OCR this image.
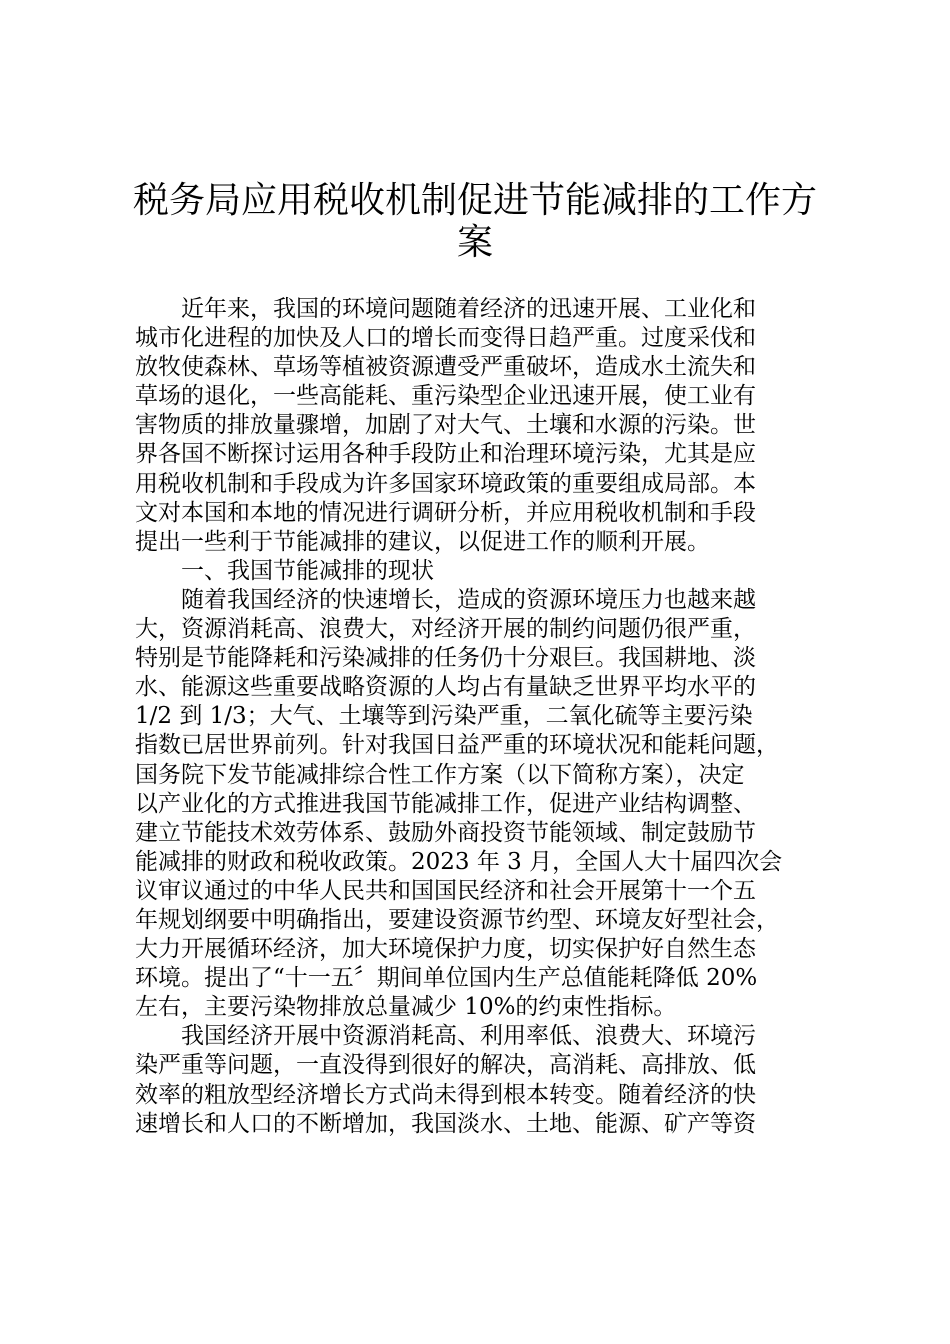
税务局应用税收机制促进节能减排的工作方
案
　　近年来，我国的环境问题随着经济的迅速开展、工业化和
城市化进程的加快及人口的增长而变得日趋严重。过度采伐和
放牧使森林、草场等植被资源遭受严重破坏，造成水土流失和
草场的退化，一些高能耗、重污染型企业迅速开展，使工业有
害物质的排放量骤增，加剧了对大气、土壤和水源的污染。世
界各国不断探讨运用各种手段防止和治理环境污染，尤其是应
用税收机制和手段成为许多国家环境政策的重要组成局部。本
文对本国和本地的情况进行调研分析，并应用税收机制和手段
提出一些利于节能减排的建议，以促进工作的顺利开展。
　　一、我国节能减排的现状
　　随着我国经济的快速增长，造成的资源环境压力也越来越
大，资源消耗高、浪费大，对经济开展的制约问题仍很严重，
特别是节能降耗和污染减排的任务仍十分艰巨。我国耕地、淡
水、能源这些重要战略资源的人均占有量缺乏世界平均水平的
1/2 到 1/3；大气、土壤等到污染严重，二氧化硫等主要污染
指数已居世界前列。针对我国日益严重的环境状况和能耗问题，
国务院下发节能减排综合性工作方案（以下简称方案），决定
以产业化的方式推进我国节能减排工作，促进产业结构调整、
建立节能技术效劳体系、鼓励外商投资节能领域、制定鼓励节
能减排的财政和税收政策。2023 年 3 月，全国人大十届四次会
议审议通过的中华人民共和国国民经济和社会开展第十一个五
年规划纲要中明确指出，要建设资源节约型、环境友好型社会，
大力开展循环经济，加大环境保护力度，切实保护好自然生态
环境。提出了“十一五〞期间单位国内生产总值能耗降低 20%
左右，主要污染物排放总量减少 10%的约束性指标。
　　我国经济开展中资源消耗高、利用率低、浪费大、环境污
染严重等问题，一直没得到很好的解决，高消耗、高排放、低
效率的粗放型经济增长方式尚未得到根本转变。随着经济的快
速增长和人口的不断增加，我国淡水、土地、能源、矿产等资
